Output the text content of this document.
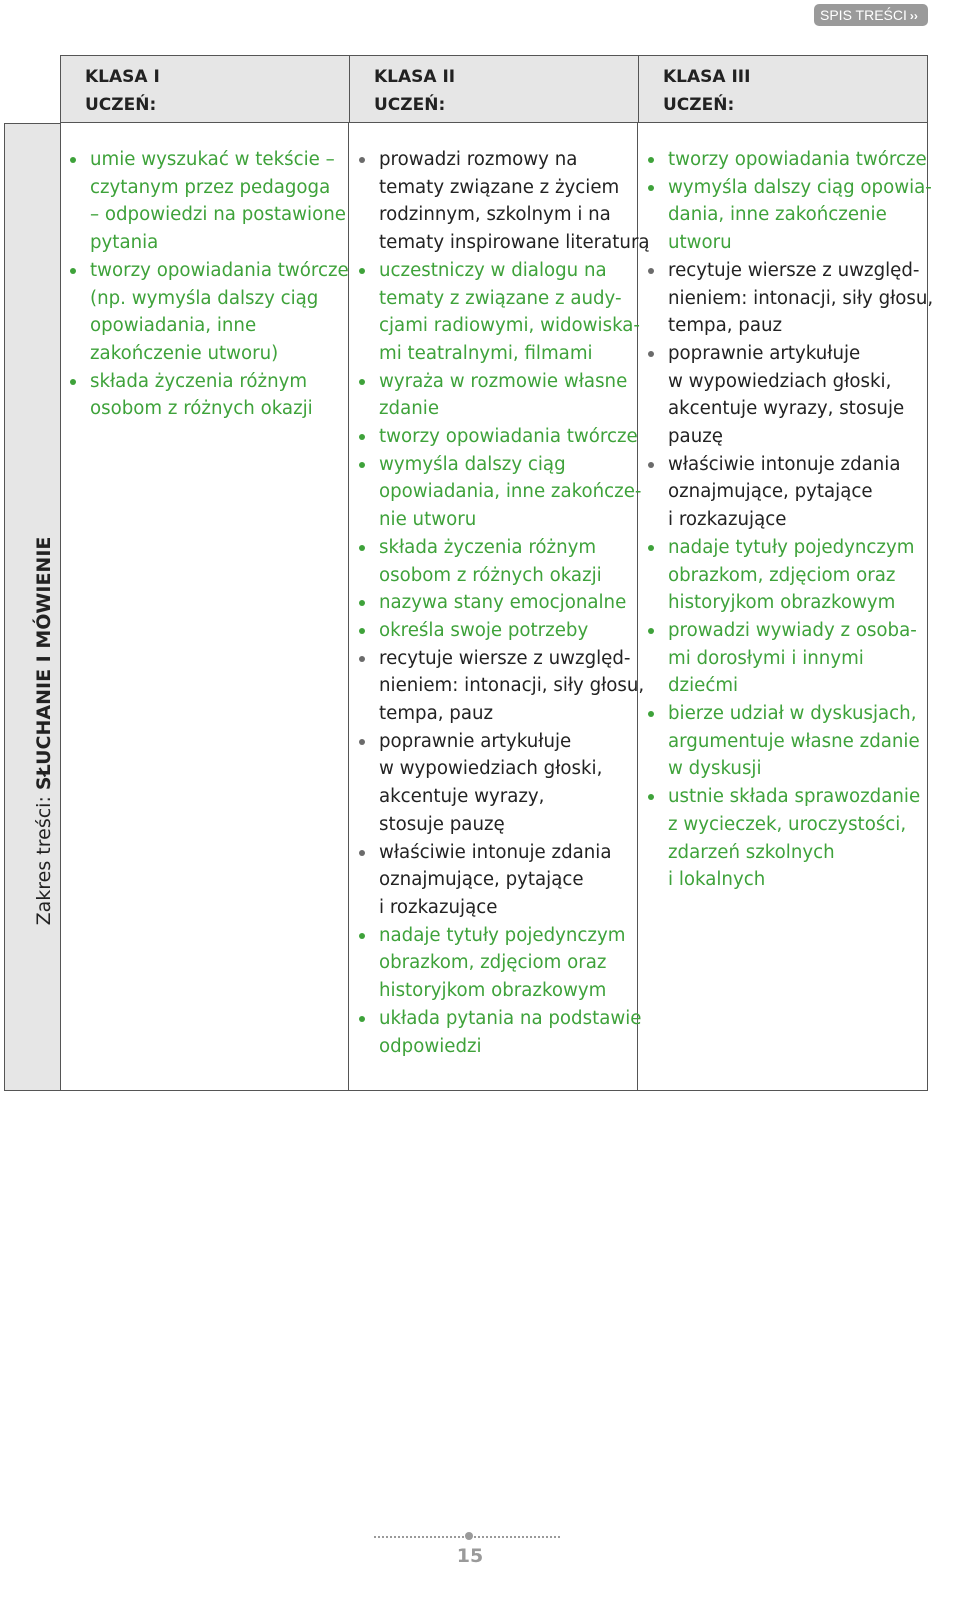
SPIS TREŚCI ››
KLASA I
UCZEŃ:
KLASA II
UCZEŃ:
KLASA III
UCZEŃ:
Zakres treści: SŁUCHANIE I MÓWIENIE
umie wyszukać w tekście –
czytanym przez pedagoga
– odpowiedzi na postawione
pytania
tworzy opowiadania twórcze
(np. wymyśla dalszy ciąg
opowiadania, inne
zakończenie utworu)
składa życzenia różnym
osobom z różnych okazji
prowadzi rozmowy na
tematy związane z życiem
rodzinnym, szkolnym i na
tematy inspirowane literaturą
uczestniczy w dialogu na
tematy z związane z audy-
cjami radiowymi, widowiska-
mi teatralnymi, filmami
wyraża w rozmowie własne
zdanie
tworzy opowiadania twórcze
wymyśla dalszy ciąg
opowiadania, inne zakończe-
nie utworu
składa życzenia różnym
osobom z różnych okazji
nazywa stany emocjonalne
określa swoje potrzeby
recytuje wiersze z uwzględ-
nieniem: intonacji, siły głosu,
tempa, pauz
poprawnie artykułuje
w wypowiedziach głoski,
akcentuje wyrazy,
stosuje pauzę
właściwie intonuje zdania
oznajmujące, pytające
i rozkazujące
nadaje tytuły pojedynczym
obrazkom, zdjęciom oraz
historyjkom obrazkowym
układa pytania na podstawie
odpowiedzi
tworzy opowiadania twórcze
wymyśla dalszy ciąg opowia-
dania, inne zakończenie
utworu
recytuje wiersze z uwzględ-
nieniem: intonacji, siły głosu,
tempa, pauz
poprawnie artykułuje
w wypowiedziach głoski,
akcentuje wyrazy, stosuje
pauzę
właściwie intonuje zdania
oznajmujące, pytające
i rozkazujące
nadaje tytuły pojedynczym
obrazkom, zdjęciom oraz
historyjkom obrazkowym
prowadzi wywiady z osoba-
mi dorosłymi i innymi
dziećmi
bierze udział w dyskusjach,
argumentuje własne zdanie
w dyskusji
ustnie składa sprawozdanie
z wycieczek, uroczystości,
zdarzeń szkolnych
i lokalnych
15
